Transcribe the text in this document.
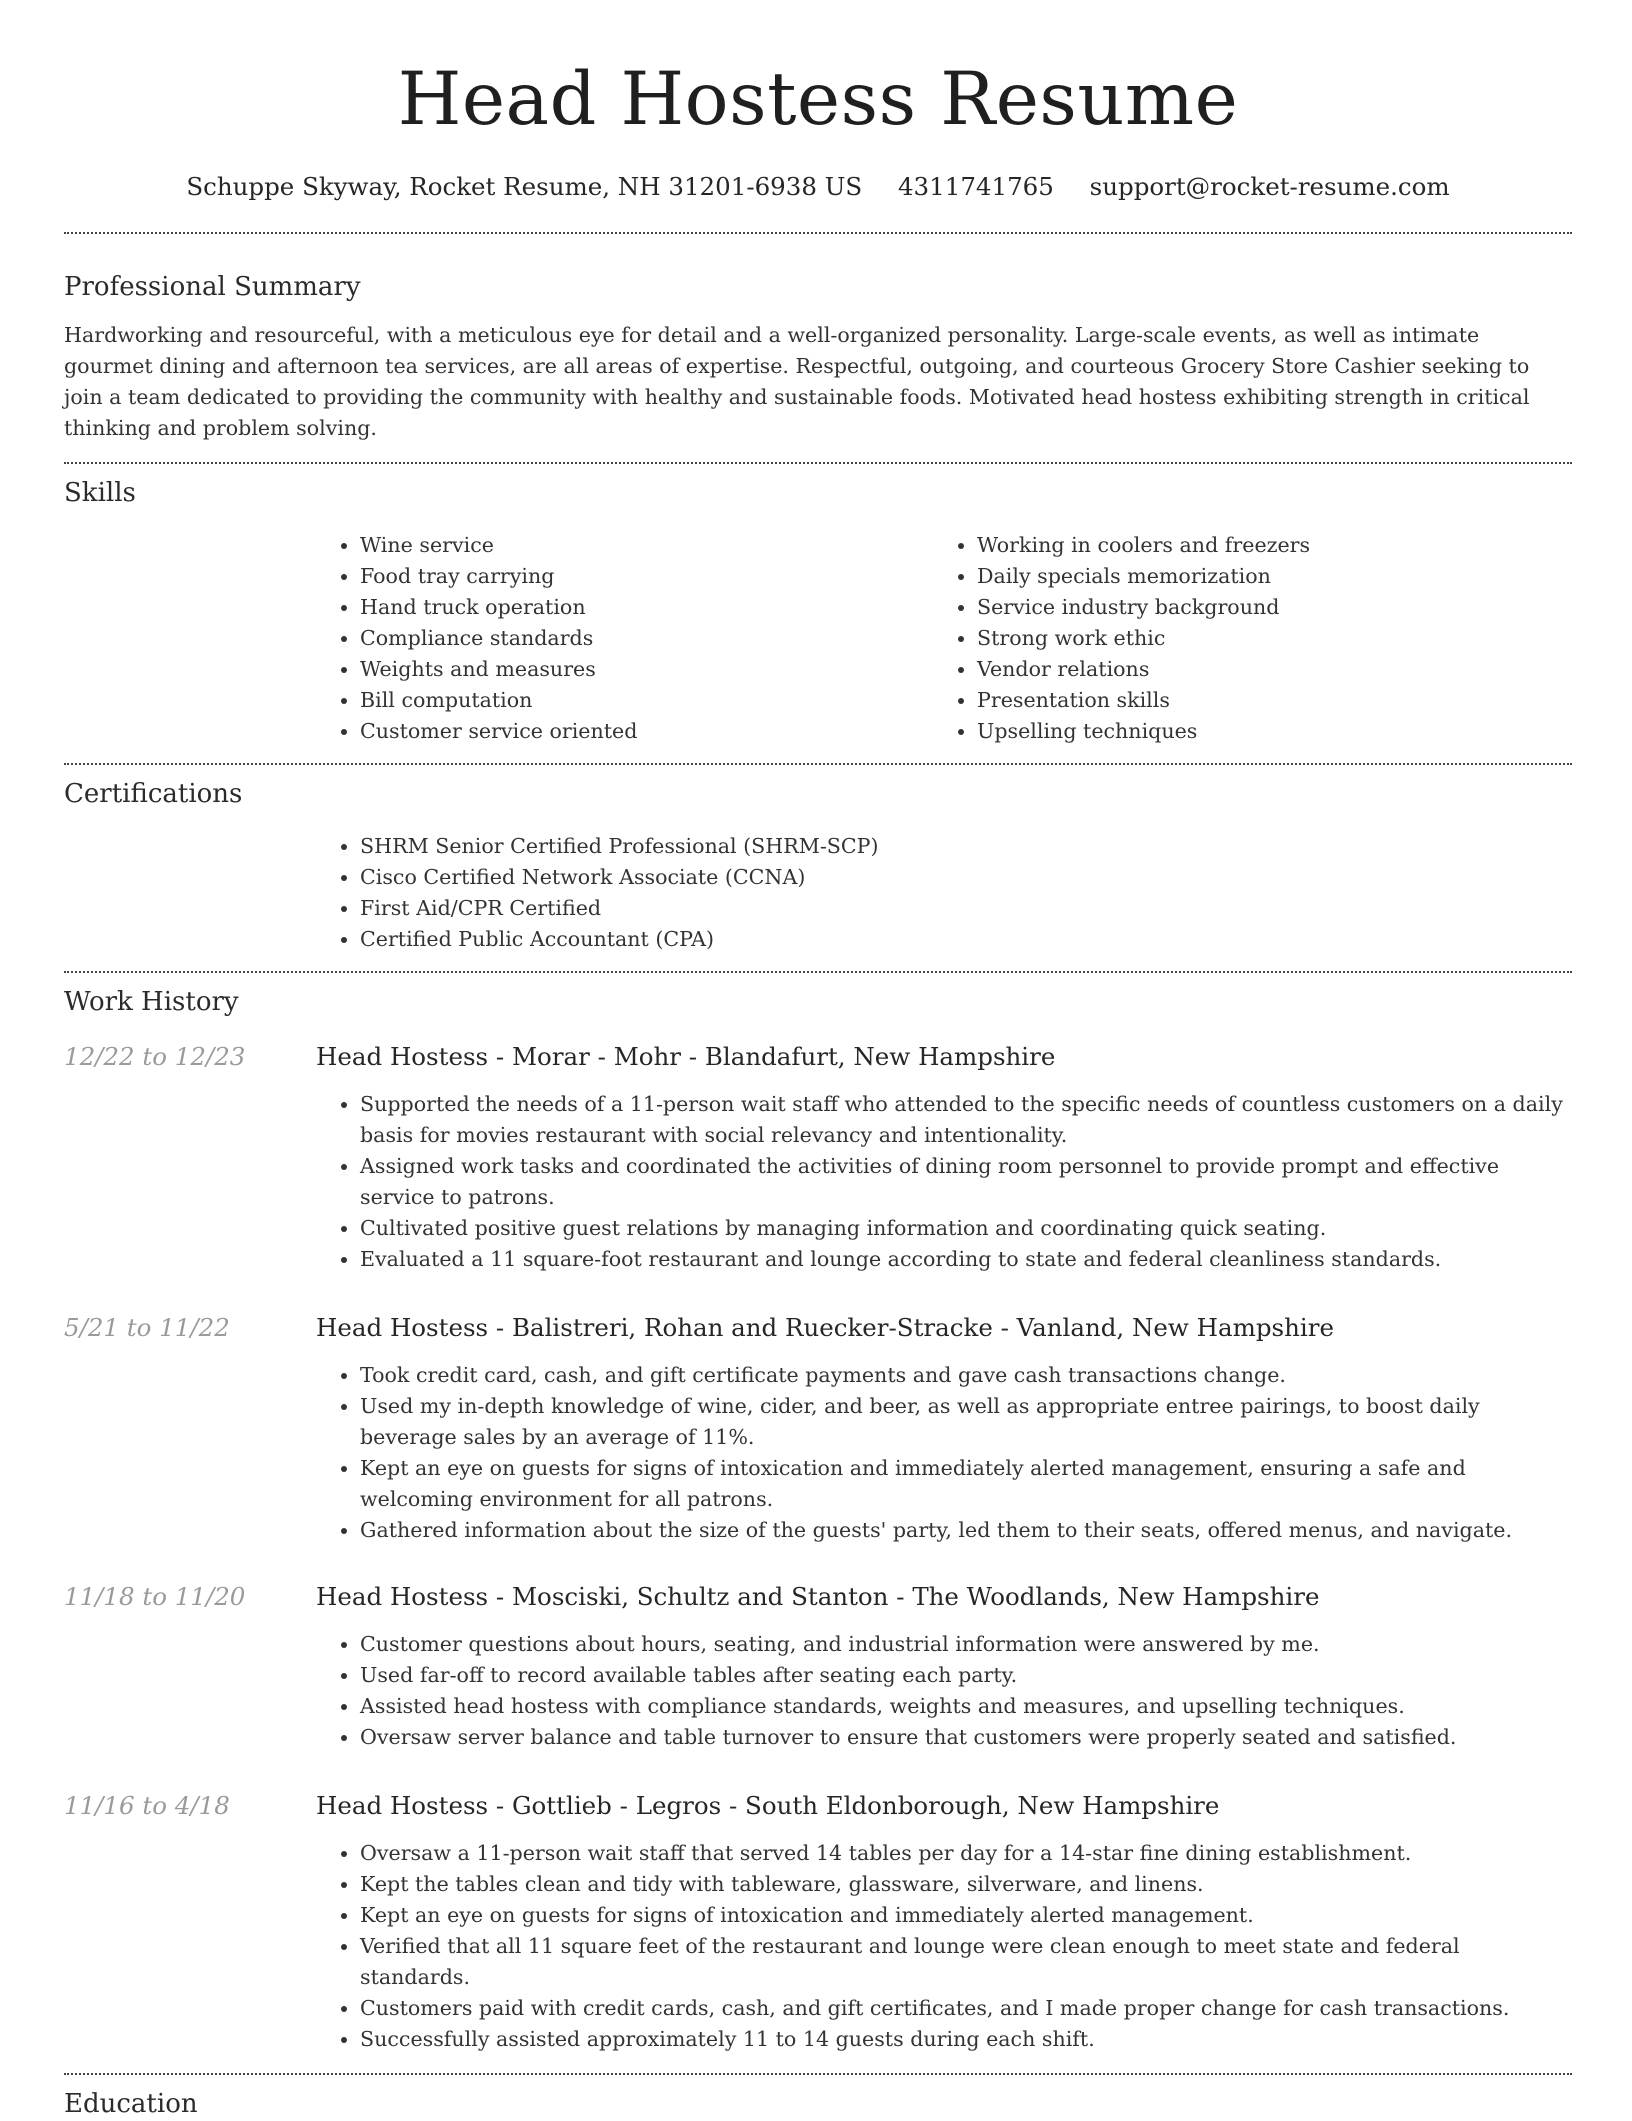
Head Hostess Resume
Schuppe Skyway, Rocket Resume, NH 31201-6938 US 4311741765 support@rocket-resume.com
Professional Summary

Hardworking and resourceful, with a meticulous eye for detail and a well-organized personality. Large-scale events, as well as intimate gourmet dining and afternoon tea services, are all areas of expertise. Respectful, outgoing, and courteous Grocery Store Cashier seeking to join a team dedicated to providing the community with healthy and sustainable foods. Motivated head hostess exhibiting strength in critical thinking and problem solving.

Skills
• Wine service
• Food tray carrying
• Hand truck operation
• Compliance standards
• Weights and measures
• Bill computation
• Customer service oriented
• Working in coolers and freezers
• Daily specials memorization
• Service industry background
• Strong work ethic
• Vendor relations
• Presentation skills
• Upselling techniques
Certifications
• SHRM Senior Certified Professional (SHRM-SCP)
• Cisco Certified Network Associate (CCNA)
• First Aid/CPR Certified
• Certified Public Accountant (CPA)
Work History
12/22 to 12/23	Head Hostess - Morar - Mohr - Blandafurt, New Hampshire
• Supported the needs of a 11-person wait staff who attended to the specific needs of countless customers on a daily basis for movies restaurant with social relevancy and intentionality.
• Assigned work tasks and coordinated the activities of dining room personnel to provide prompt and effective service to patrons.
• Cultivated positive guest relations by managing information and coordinating quick seating.
• Evaluated a 11 square-foot restaurant and lounge according to state and federal cleanliness standards.
5/21 to 11/22	Head Hostess - Balistreri, Rohan and Ruecker-Stracke - Vanland, New Hampshire
• Took credit card, cash, and gift certificate payments and gave cash transactions change.
• Used my in-depth knowledge of wine, cider, and beer, as well as appropriate entree pairings, to boost daily beverage sales by an average of 11%.
• Kept an eye on guests for signs of intoxication and immediately alerted management, ensuring a safe and welcoming environment for all patrons.
• Gathered information about the size of the guests' party, led them to their seats, offered menus, and navigate.
11/18 to 11/20	Head Hostess - Mosciski, Schultz and Stanton - The Woodlands, New Hampshire
• Customer questions about hours, seating, and industrial information were answered by me.
• Used far-off to record available tables after seating each party.
• Assisted head hostess with compliance standards, weights and measures, and upselling techniques.
• Oversaw server balance and table turnover to ensure that customers were properly seated and satisfied.
11/16 to 4/18	Head Hostess - Gottlieb - Legros - South Eldonborough, New Hampshire
• Oversaw a 11-person wait staff that served 14 tables per day for a 14-star fine dining establishment.
• Kept the tables clean and tidy with tableware, glassware, silverware, and linens.
• Kept an eye on guests for signs of intoxication and immediately alerted management.
• Verified that all 11 square feet of the restaurant and lounge were clean enough to meet state and federal standards.
• Customers paid with credit cards, cash, and gift certificates, and I made proper change for cash transactions.
• Successfully assisted approximately 11 to 14 guests during each shift.
Education
